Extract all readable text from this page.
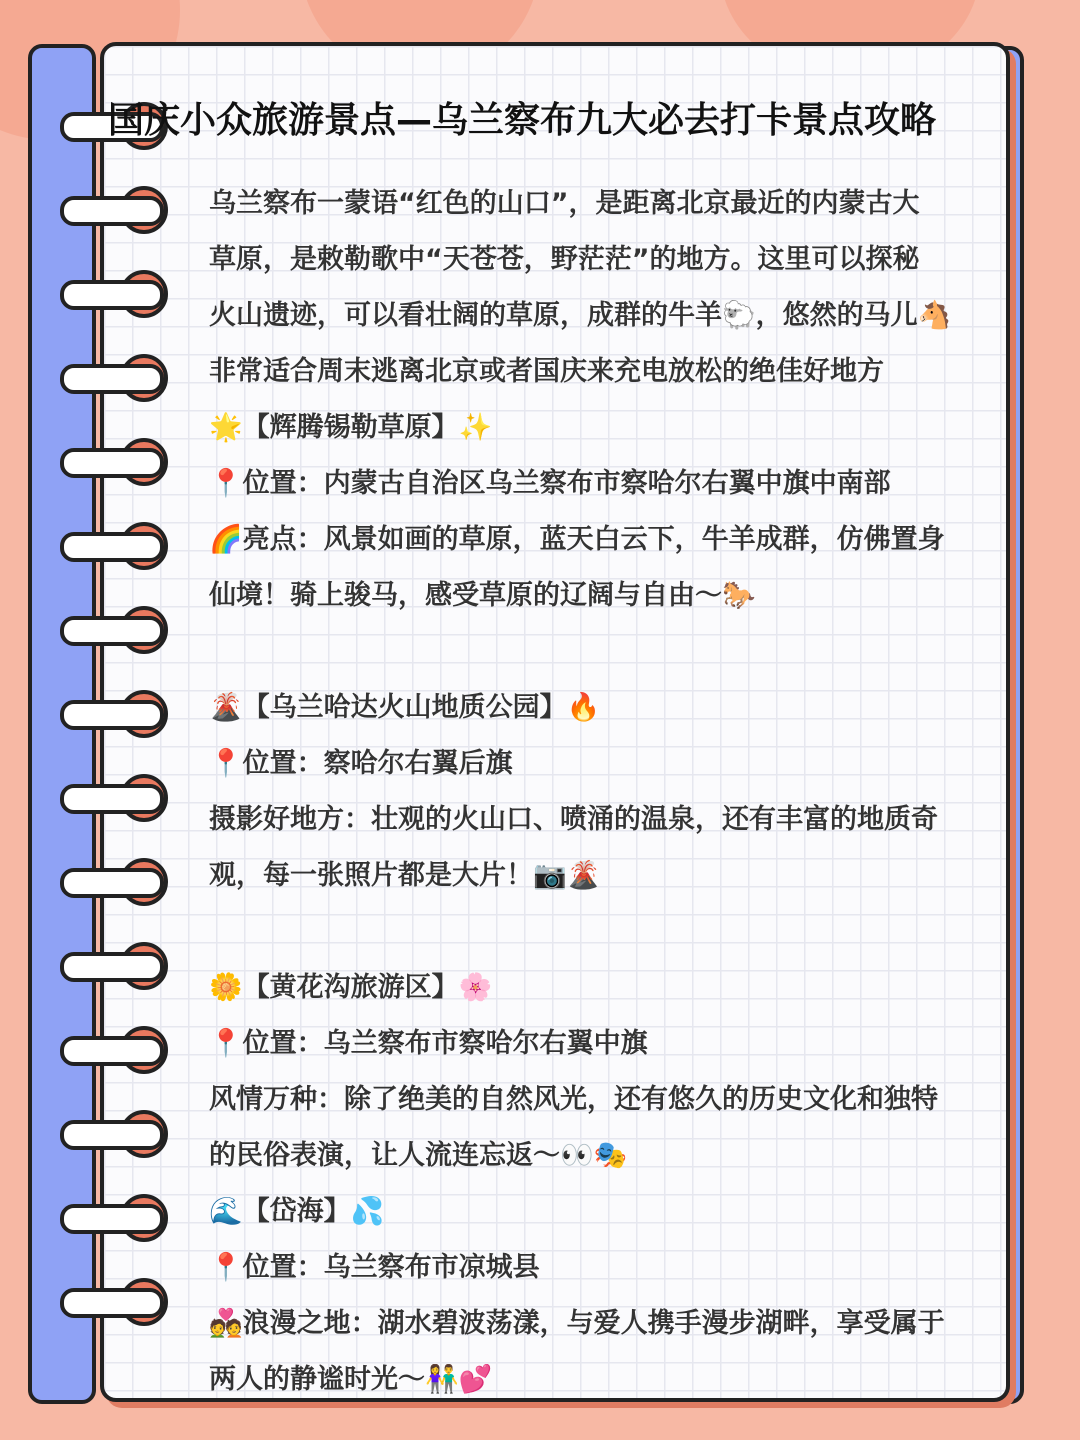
国庆小众旅游景点—乌兰察布九大必去打卡景点攻略
乌兰察布一蒙语“红色的山口”，是距离北京最近的内蒙古大
草原，是敕勒歌中“天苍苍，野茫茫”的地方。这里可以探秘
火山遗迹，可以看壮阔的草原，成群的牛羊🐑，悠然的马儿🐴
非常适合周末逃离北京或者国庆来充电放松的绝佳好地方
🌟【辉腾锡勒草原】✨
📍位置：内蒙古自治区乌兰察布市察哈尔右翼中旗中南部
🌈亮点：风景如画的草原，蓝天白云下，牛羊成群，仿佛置身
仙境！骑上骏马，感受草原的辽阔与自由～🐎
🌋【乌兰哈达火山地质公园】🔥
📍位置：察哈尔右翼后旗
摄影好地方：壮观的火山口、喷涌的温泉，还有丰富的地质奇
观，每一张照片都是大片！📷🌋
🌼【黄花沟旅游区】🌸
📍位置：乌兰察布市察哈尔右翼中旗
风情万种：除了绝美的自然风光，还有悠久的历史文化和独特
的民俗表演，让人流连忘返～👀🎭
🌊【岱海】💦
📍位置：乌兰察布市凉城县
💑浪漫之地：湖水碧波荡漾，与爱人携手漫步湖畔，享受属于
两人的静谧时光～👫💕
